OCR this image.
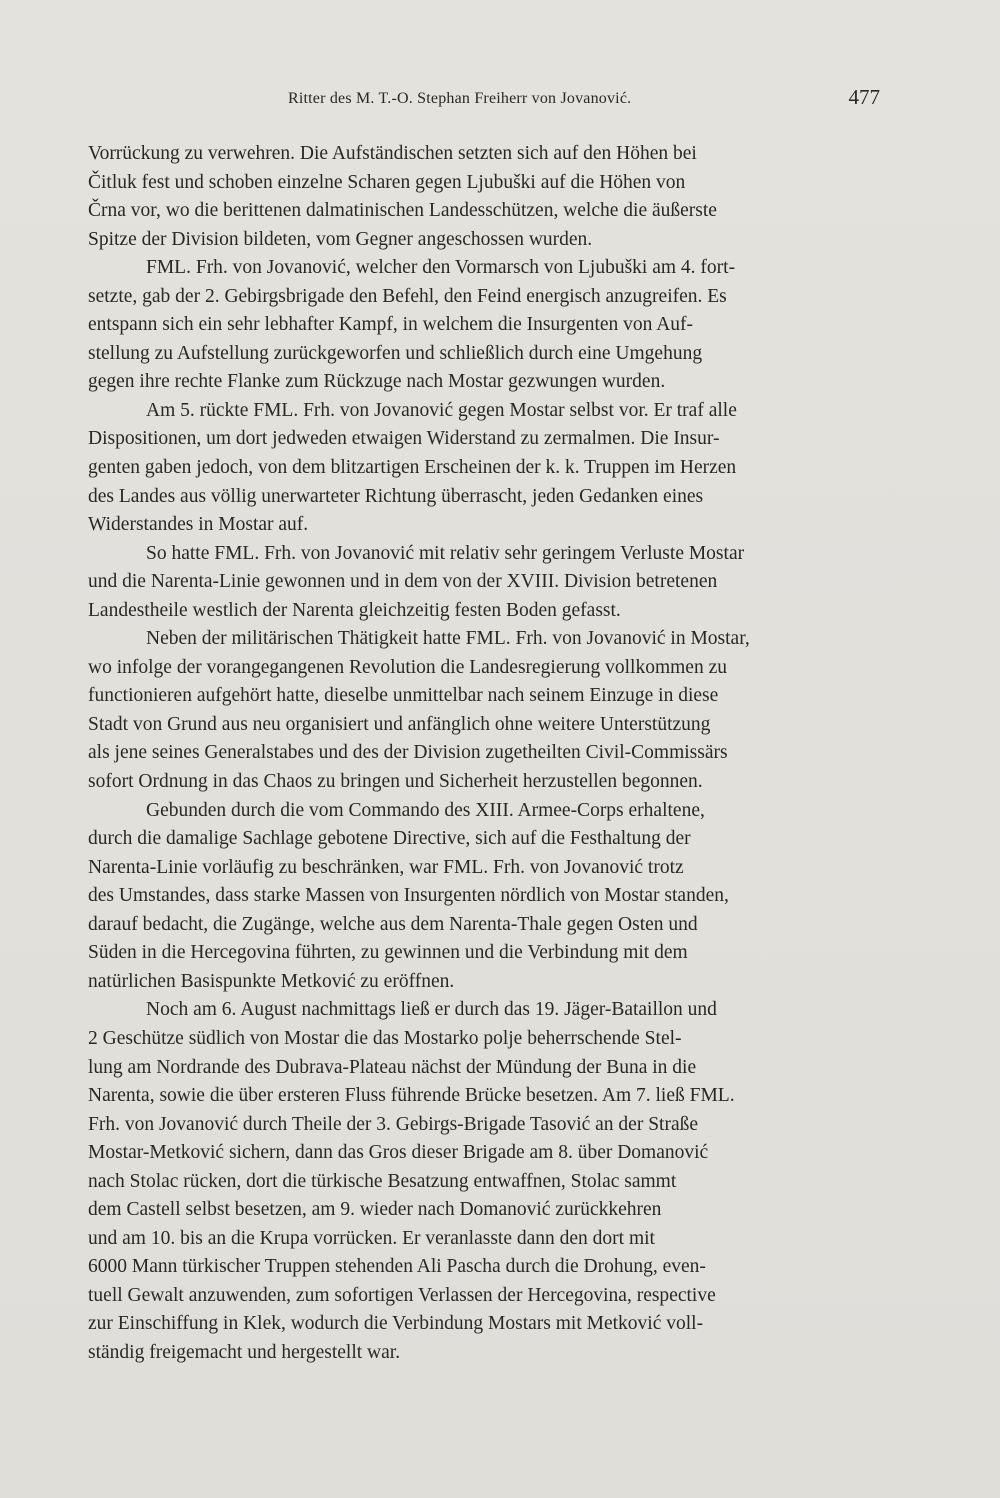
Ritter des M. T.-O. Stephan Freiherr von Jovanović.	477
Vorrückung zu verwehren. Die Aufständischen setzten sich auf den Höhen bei
Čitluk fest und schoben einzelne Scharen gegen Ljubuški auf die Höhen von
Črna vor, wo die berittenen dalmatinischen Landesschützen, welche die äußerste
Spitze der Division bildeten, vom Gegner angeschossen wurden.
FML. Frh. von Jovanović, welcher den Vormarsch von Ljubuški am 4. fort-
setzte, gab der 2. Gebirgsbrigade den Befehl, den Feind energisch anzugreifen. Es
entspann sich ein sehr lebhafter Kampf, in welchem die Insurgenten von Auf-
stellung zu Aufstellung zurückgeworfen und schließlich durch eine Umgehung
gegen ihre rechte Flanke zum Rückzuge nach Mostar gezwungen wurden.
Am 5. rückte FML. Frh. von Jovanović gegen Mostar selbst vor. Er traf alle
Dispositionen, um dort jedweden etwaigen Widerstand zu zermalmen. Die Insur-
genten gaben jedoch, von dem blitzartigen Erscheinen der k. k. Truppen im Herzen
des Landes aus völlig unerwarteter Richtung überrascht, jeden Gedanken eines
Widerstandes in Mostar auf.
So hatte FML. Frh. von Jovanović mit relativ sehr geringem Verluste Mostar
und die Narenta-Linie gewonnen und in dem von der XVIII. Division betretenen
Landestheile westlich der Narenta gleichzeitig festen Boden gefasst.
Neben der militärischen Thätigkeit hatte FML. Frh. von Jovanović in Mostar,
wo infolge der vorangegangenen Revolution die Landesregierung vollkommen zu
functionieren aufgehört hatte, dieselbe unmittelbar nach seinem Einzuge in diese
Stadt von Grund aus neu organisiert und anfänglich ohne weitere Unterstützung
als jene seines Generalstabes und des der Division zugetheilten Civil-Commissärs
sofort Ordnung in das Chaos zu bringen und Sicherheit herzustellen begonnen.
Gebunden durch die vom Commando des XIII. Armee-Corps erhaltene,
durch die damalige Sachlage gebotene Directive, sich auf die Festhaltung der
Narenta-Linie vorläufig zu beschränken, war FML. Frh. von Jovanović trotz
des Umstandes, dass starke Massen von Insurgenten nördlich von Mostar standen,
darauf bedacht, die Zugänge, welche aus dem Narenta-Thale gegen Osten und
Süden in die Hercegovina führten, zu gewinnen und die Verbindung mit dem
natürlichen Basispunkte Metković zu eröffnen.
Noch am 6. August nachmittags ließ er durch das 19. Jäger-Bataillon und
2 Geschütze südlich von Mostar die das Mostarko polje beherrschende Stel-
lung am Nordrande des Dubrava-Plateau nächst der Mündung der Buna in die
Narenta, sowie die über ersteren Fluss führende Brücke besetzen. Am 7. ließ FML.
Frh. von Jovanović durch Theile der 3. Gebirgs-Brigade Tasović an der Straße
Mostar-Metković sichern, dann das Gros dieser Brigade am 8. über Domanović
nach Stolac rücken, dort die türkische Besatzung entwaffnen, Stolac sammt
dem Castell selbst besetzen, am 9. wieder nach Domanović zurückkehren
und am 10. bis an die Krupa vorrücken. Er veranlasste dann den dort mit
6000 Mann türkischer Truppen stehenden Ali Pascha durch die Drohung, even-
tuell Gewalt anzuwenden, zum sofortigen Verlassen der Hercegovina, respective
zur Einschiffung in Klek, wodurch die Verbindung Mostars mit Metković voll-
ständig freigemacht und hergestellt war.
